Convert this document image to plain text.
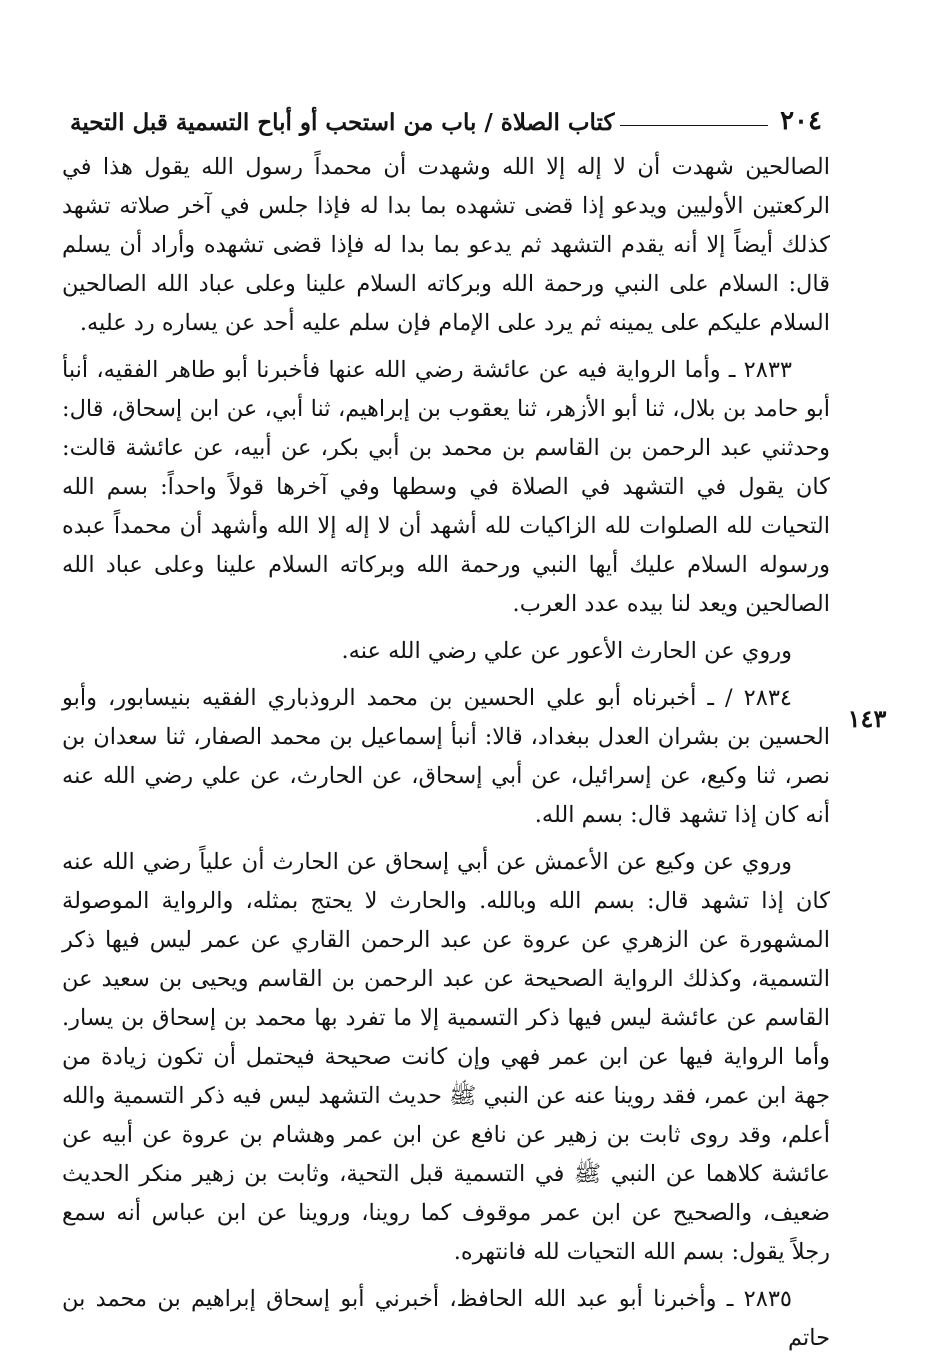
٢٠٤
كتاب الصلاة / باب من استحب أو أباح التسمية قبل التحية
١٤٣

الصالحين شهدت أن لا إله إلا الله وشهدت أن محمداً رسول الله يقول هذا في الركعتين الأوليين ويدعو إذا قضى تشهده بما بدا له فإذا جلس في آخر صلاته تشهد كذلك أيضاً إلا أنه يقدم التشهد ثم يدعو بما بدا له فإذا قضى تشهده وأراد أن يسلم قال: السلام على النبي ورحمة الله وبركاته السلام علينا وعلى عباد الله الصالحين السلام عليكم على يمينه ثم يرد على الإمام فإن سلم عليه أحد عن يساره رد عليه.

٢٨٣٣ ـ وأما الرواية فيه عن عائشة رضي الله عنها فأخبرنا أبو طاهر الفقيه، أنبأ أبو حامد بن بلال، ثنا أبو الأزهر، ثنا يعقوب بن إبراهيم، ثنا أبي، عن ابن إسحاق، قال: وحدثني عبد الرحمن بن القاسم بن محمد بن أبي بكر، عن أبيه، عن عائشة قالت: كان يقول في التشهد في الصلاة في وسطها وفي آخرها قولاً واحداً: بسم الله التحيات لله الصلوات لله الزاكيات لله أشهد أن لا إله إلا الله وأشهد أن محمداً عبده ورسوله السلام عليك أيها النبي ورحمة الله وبركاته السلام علينا وعلى عباد الله الصالحين ويعد لنا بيده عدد العرب.

وروي عن الحارث الأعور عن علي رضي الله عنه.

٢٨٣٤ / ـ أخبرناه أبو علي الحسين بن محمد الروذباري الفقيه بنيسابور، وأبو الحسين بن بشران العدل ببغداد، قالا: أنبأ إسماعيل بن محمد الصفار، ثنا سعدان بن نصر، ثنا وكيع، عن إسرائيل، عن أبي إسحاق، عن الحارث، عن علي رضي الله عنه أنه كان إذا تشهد قال: بسم الله.

وروي عن وكيع عن الأعمش عن أبي إسحاق عن الحارث أن علياً رضي الله عنه كان إذا تشهد قال: بسم الله وبالله. والحارث لا يحتج بمثله، والرواية الموصولة المشهورة عن الزهري عن عروة عن عبد الرحمن القاري عن عمر ليس فيها ذكر التسمية، وكذلك الرواية الصحيحة عن عبد الرحمن بن القاسم ويحيى بن سعيد عن القاسم عن عائشة ليس فيها ذكر التسمية إلا ما تفرد بها محمد بن إسحاق بن يسار. وأما الرواية فيها عن ابن عمر فهي وإن كانت صحيحة فيحتمل أن تكون زيادة من جهة ابن عمر، فقد روينا عنه عن النبي ﷺ حديث التشهد ليس فيه ذكر التسمية والله أعلم، وقد روى ثابت بن زهير عن نافع عن ابن عمر وهشام بن عروة عن أبيه عن عائشة كلاهما عن النبي ﷺ في التسمية قبل التحية، وثابت بن زهير منكر الحديث ضعيف، والصحيح عن ابن عمر موقوف كما روينا، وروينا عن ابن عباس أنه سمع رجلاً يقول: بسم الله التحيات لله فانتهره.

٢٨٣٥ ـ وأخبرنا أبو عبد الله الحافظ، أخبرني أبو إسحاق إبراهيم بن محمد بن حاتم
